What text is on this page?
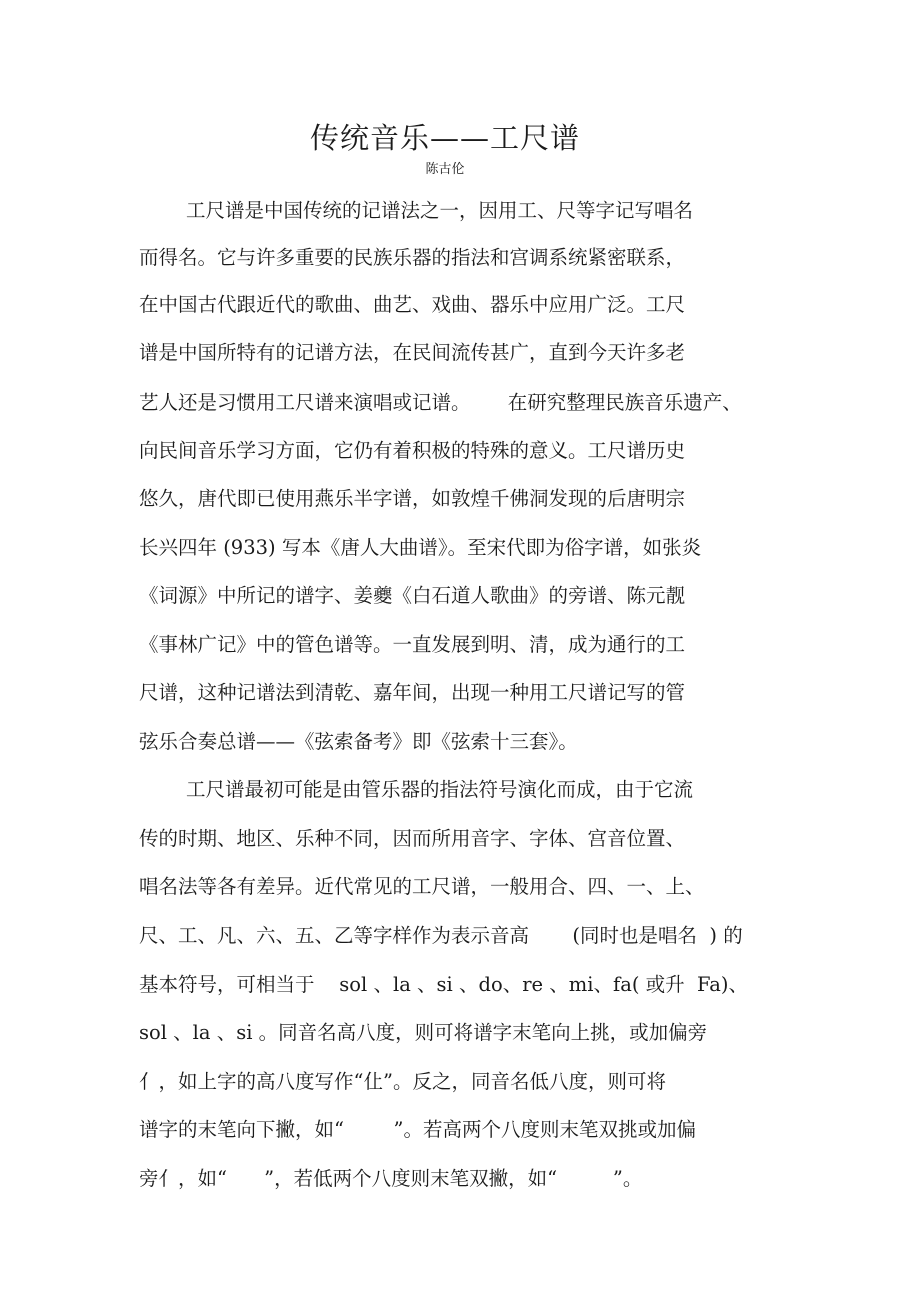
传统音乐——工尺谱
陈古伦
工尺谱是中国传统的记谱法之一，因用工、尺等字记写唱名
而得名。它与许多重要的民族乐器的指法和宫调系统紧密联系，
在中国古代跟近代的歌曲、曲艺、戏曲、器乐中应用广泛。工尺
谱是中国所特有的记谱方法，在民间流传甚广，直到今天许多老
艺人还是习惯用工尺谱来演唱或记谱。      在研究整理民族音乐遗产、
向民间音乐学习方面，它仍有着积极的特殊的意义。工尺谱历史
悠久，唐代即已使用燕乐半字谱，如敦煌千佛洞发现的后唐明宗
长兴四年 (933) 写本《唐人大曲谱》。至宋代即为俗字谱，如张炎
《词源》中所记的谱字、姜夔《白石道人歌曲》的旁谱、陈元靓
《事林广记》中的管色谱等。一直发展到明、清，成为通行的工
尺谱，这种记谱法到清乾、嘉年间，出现一种用工尺谱记写的管
弦乐合奏总谱——《弦索备考》即《弦索十三套》。
工尺谱最初可能是由管乐器的指法符号演化而成，由于它流
传的时期、地区、乐种不同，因而所用音字、字体、宫音位置、
唱名法等各有差异。近代常见的工尺谱，一般用合、四、一、上、
尺、工、凡、六、五、乙等字样作为表示音高       (同时也是唱名  ) 的
基本符号，可相当于    sol 、la 、si 、do、re 、mi、fa( 或升  Fa)、
sol 、la 、si 。同音名高八度，则可将谱字末笔向上挑，或加偏旁
亻，如上字的高八度写作“仩”。反之，同音名低八度，则可将
谱字的末笔向下撇，如“        ”。若高两个八度则末笔双挑或加偏
旁亻，如“      ”，若低两个八度则末笔双撇，如“         ”。
